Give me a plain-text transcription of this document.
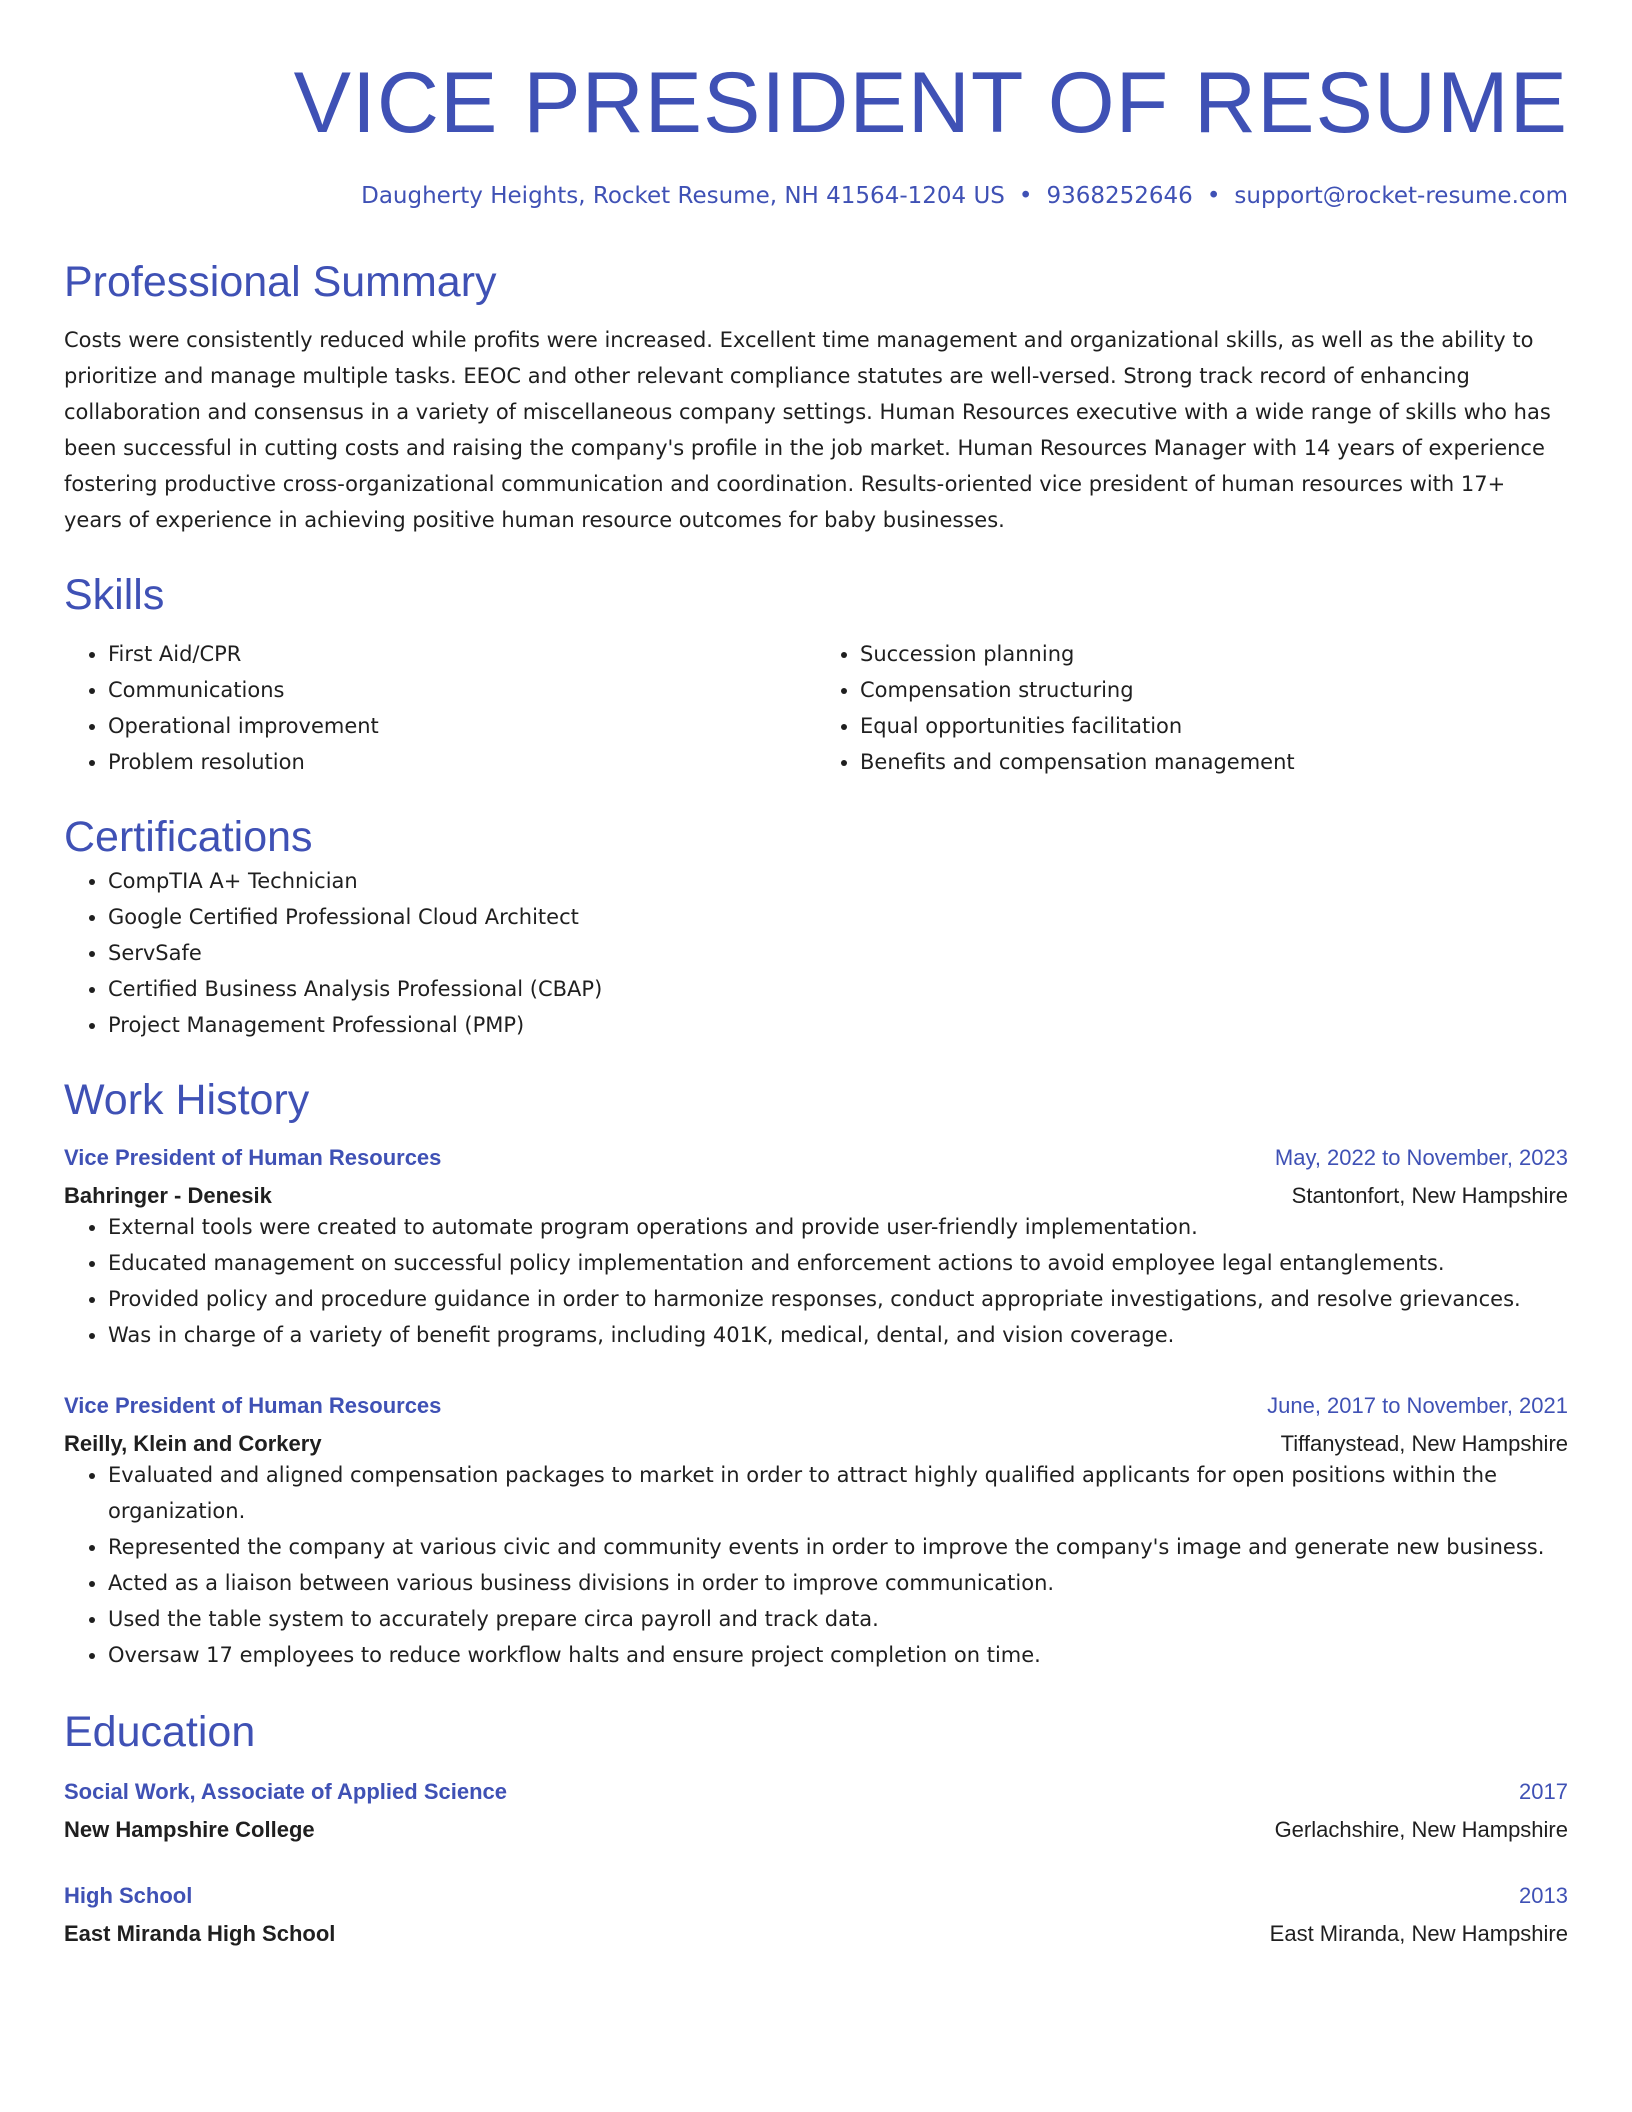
VICE PRESIDENT OF RESUME
Daugherty Heights, Rocket Resume, NH 41564-1204 US • 9368252646 • support@rocket-resume.com
Professional Summary

Costs were consistently reduced while profits were increased. Excellent time management and organizational skills, as well as the ability to prioritize and manage multiple tasks. EEOC and other relevant compliance statutes are well-versed. Strong track record of enhancing collaboration and consensus in a variety of miscellaneous company settings. Human Resources executive with a wide range of skills who has been successful in cutting costs and raising the company's profile in the job market. Human Resources Manager with 14 years of experience fostering productive cross-organizational communication and coordination. Results-oriented vice president of human resources with 17+ years of experience in achieving positive human resource outcomes for baby businesses.

Skills
• First Aid/CPR
• Communications
• Operational improvement
• Problem resolution
• Succession planning
• Compensation structuring
• Equal opportunities facilitation
• Benefits and compensation management
Certifications
• CompTIA A+ Technician
• Google Certified Professional Cloud Architect
• ServSafe
• Certified Business Analysis Professional (CBAP)
• Project Management Professional (PMP)
Work History
Vice President of Human Resources	May, 2022 to November, 2023
Bahringer - Denesik	Stantonfort, New Hampshire
• External tools were created to automate program operations and provide user-friendly implementation.
• Educated management on successful policy implementation and enforcement actions to avoid employee legal entanglements.
• Provided policy and procedure guidance in order to harmonize responses, conduct appropriate investigations, and resolve grievances.
• Was in charge of a variety of benefit programs, including 401K, medical, dental, and vision coverage.
Vice President of Human Resources	June, 2017 to November, 2021
Reilly, Klein and Corkery	Tiffanystead, New Hampshire
• Evaluated and aligned compensation packages to market in order to attract highly qualified applicants for open positions within the organization.
• Represented the company at various civic and community events in order to improve the company's image and generate new business.
• Acted as a liaison between various business divisions in order to improve communication.
• Used the table system to accurately prepare circa payroll and track data.
• Oversaw 17 employees to reduce workflow halts and ensure project completion on time.
Education
Social Work, Associate of Applied Science	2017
New Hampshire College	Gerlachshire, New Hampshire
High School	2013
East Miranda High School	East Miranda, New Hampshire
